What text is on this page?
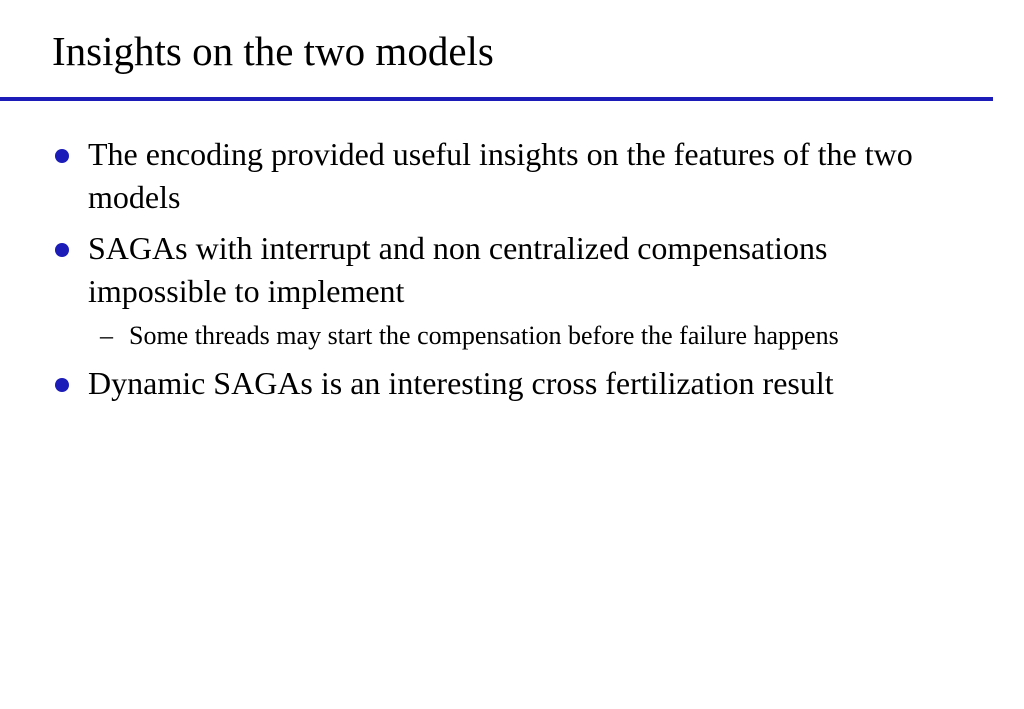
Insights on the two models
The encoding provided useful insights on the features of the two models
SAGAs with interrupt and non centralized compensations impossible to implement
– Some threads may start the compensation before the failure happens
Dynamic SAGAs is an interesting cross fertilization result
